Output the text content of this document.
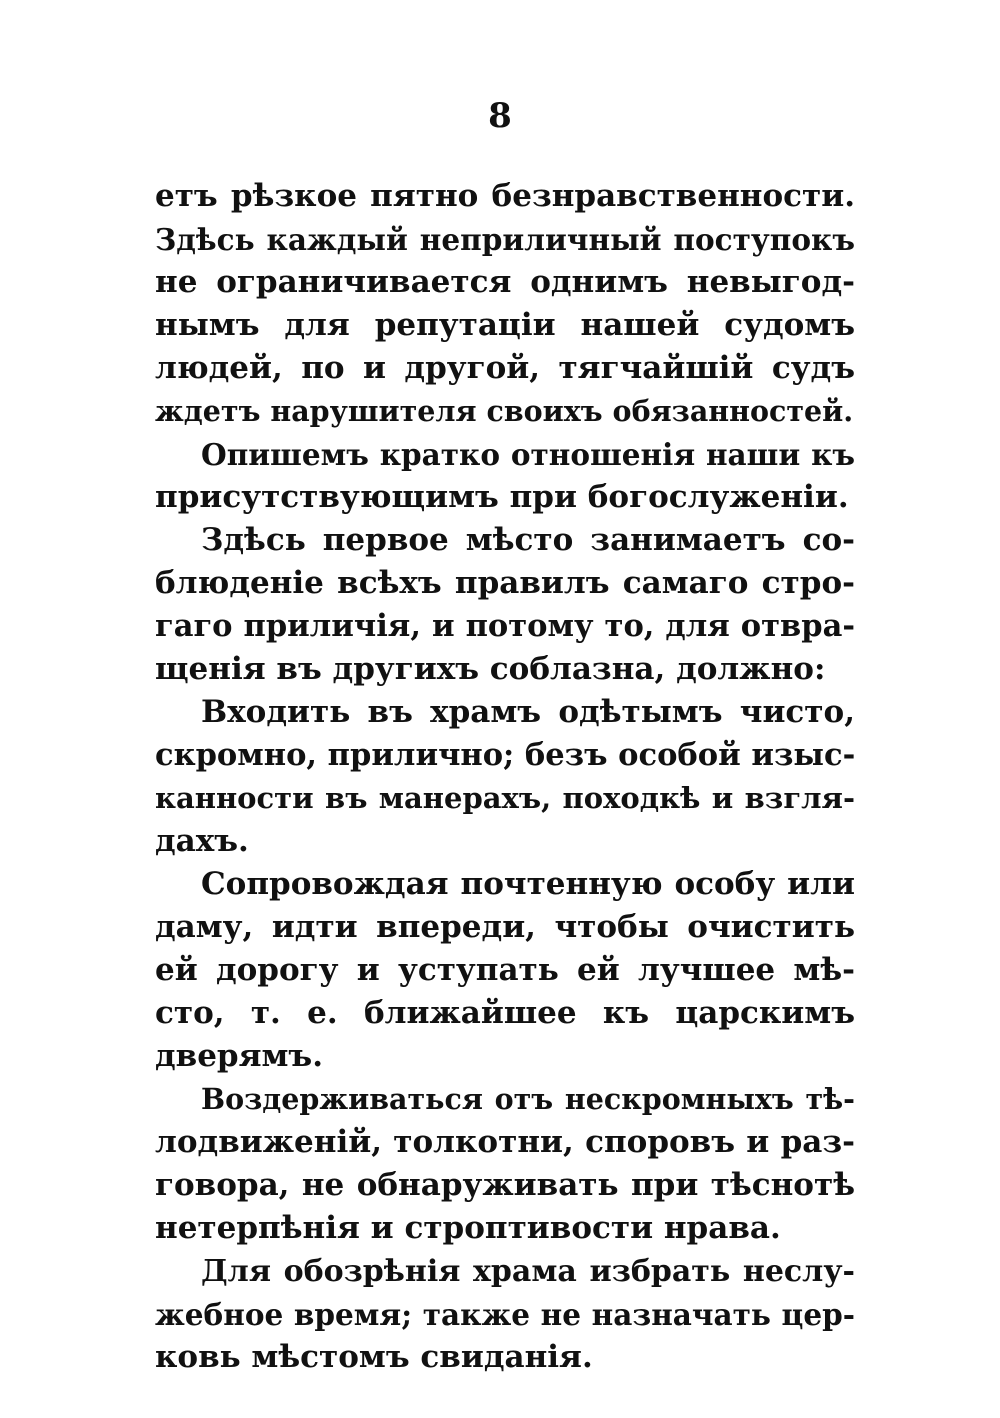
8
етъ рѣзкое пятно безнравственности.
Здѣсь каждый неприличный поступокъ
не ограничивается однимъ невыгод-
нымъ для репутаціи нашей судомъ
людей, по и другой, тягчайшій судъ
ждетъ нарушителя своихъ обязанностей.
Опишемъ кратко отношенія наши къ
присутствующимъ при богослуженіи.
Здѣсь первое мѣсто занимаетъ со-
блюденіе всѣхъ правилъ самаго стро-
гаго приличія, и потому то, для отвра-
щенія въ другихъ соблазна, должно:
Входить въ храмъ одѣтымъ чисто,
скромно, прилично; безъ особой изыс-
канности въ манерахъ, походкѣ и взгля-
дахъ.
Сопровождая почтенную особу или
даму, идти впереди, чтобы очистить
ей дорогу и уступать ей лучшее мѣ-
сто, т. е. ближайшее къ царскимъ
дверямъ.
Воздерживаться отъ нескромныхъ тѣ-
лодвиженій, толкотни, споровъ и раз-
говора, не обнаруживать при тѣснотѣ
нетерпѣнія и строптивости нрава.
Для обозрѣнія храма избрать неслу-
жебное время; также не назначать цер-
ковь мѣстомъ свиданія.
